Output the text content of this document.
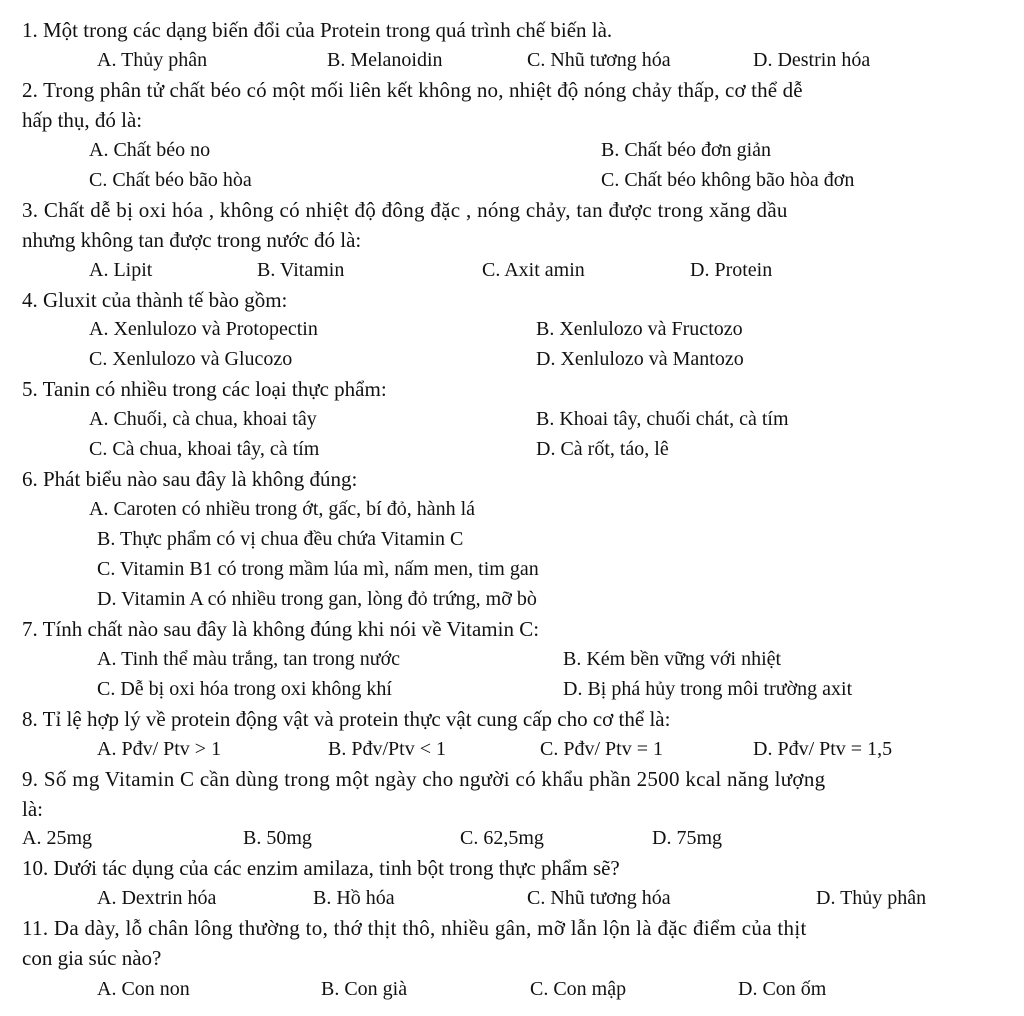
1. Một trong các dạng biến đổi của Protein trong quá trình chế biến là.
A. Thủy phân	B. Melanoidin	C. Nhũ tương hóa	D. Destrin hóa
2. Trong phân tử chất béo có một mối liên kết không no, nhiệt độ nóng chảy thấp, cơ thể dễ
hấp thụ, đó là:
A. Chất béo no	B. Chất béo đơn giản
C. Chất béo bão hòa	C. Chất béo không bão hòa đơn
3. Chất dễ bị oxi hóa , không có nhiệt độ đông đặc , nóng chảy, tan được trong xăng dầu
nhưng không tan được trong nước đó là:
A. Lipit	B. Vitamin	C. Axit amin	D. Protein
4. Gluxit của thành tế bào gồm:
A. Xenlulozo và Protopectin	B. Xenlulozo và Fructozo
C. Xenlulozo và Glucozo	D. Xenlulozo và Mantozo
5. Tanin có nhiều trong các loại thực phẩm:
A. Chuối, cà chua, khoai tây	B. Khoai tây, chuối chát, cà tím
C. Cà chua, khoai tây, cà tím	D. Cà rốt, táo, lê
6. Phát biểu nào sau đây là không đúng:
A. Caroten có nhiều trong ớt, gấc, bí đỏ, hành lá
B. Thực phẩm có vị chua đều chứa Vitamin C
C. Vitamin B1 có trong mầm lúa mì, nấm men, tim gan
D. Vitamin A có nhiều trong gan, lòng đỏ trứng, mỡ bò
7. Tính chất nào sau đây là không đúng khi nói về Vitamin C:
A. Tinh thể màu trắng, tan trong nước	B. Kém bền vững với nhiệt
C. Dễ bị oxi hóa trong oxi không khí	D. Bị phá hủy trong môi trường axit
8. Tỉ lệ hợp lý về protein động vật và protein thực vật cung cấp cho cơ thể là:
A. Pđv/ Ptv > 1	B. Pđv/Ptv < 1	C. Pđv/ Ptv = 1	D. Pđv/ Ptv = 1,5
9. Số mg Vitamin C cần dùng trong một ngày cho người có khẩu phần 2500 kcal năng lượng
là:
A. 25mg	B. 50mg	C. 62,5mg	D. 75mg
10. Dưới tác dụng của các enzim amilaza, tinh bột trong thực phẩm sẽ?
A. Dextrin hóa	B. Hồ hóa	C. Nhũ tương hóa	D. Thủy phân
11. Da dày, lỗ chân lông thường to, thớ thịt thô, nhiều gân, mỡ lẫn lộn là đặc điểm của thịt
con gia súc nào?
A. Con non	B. Con già	C. Con mập	D. Con ốm
